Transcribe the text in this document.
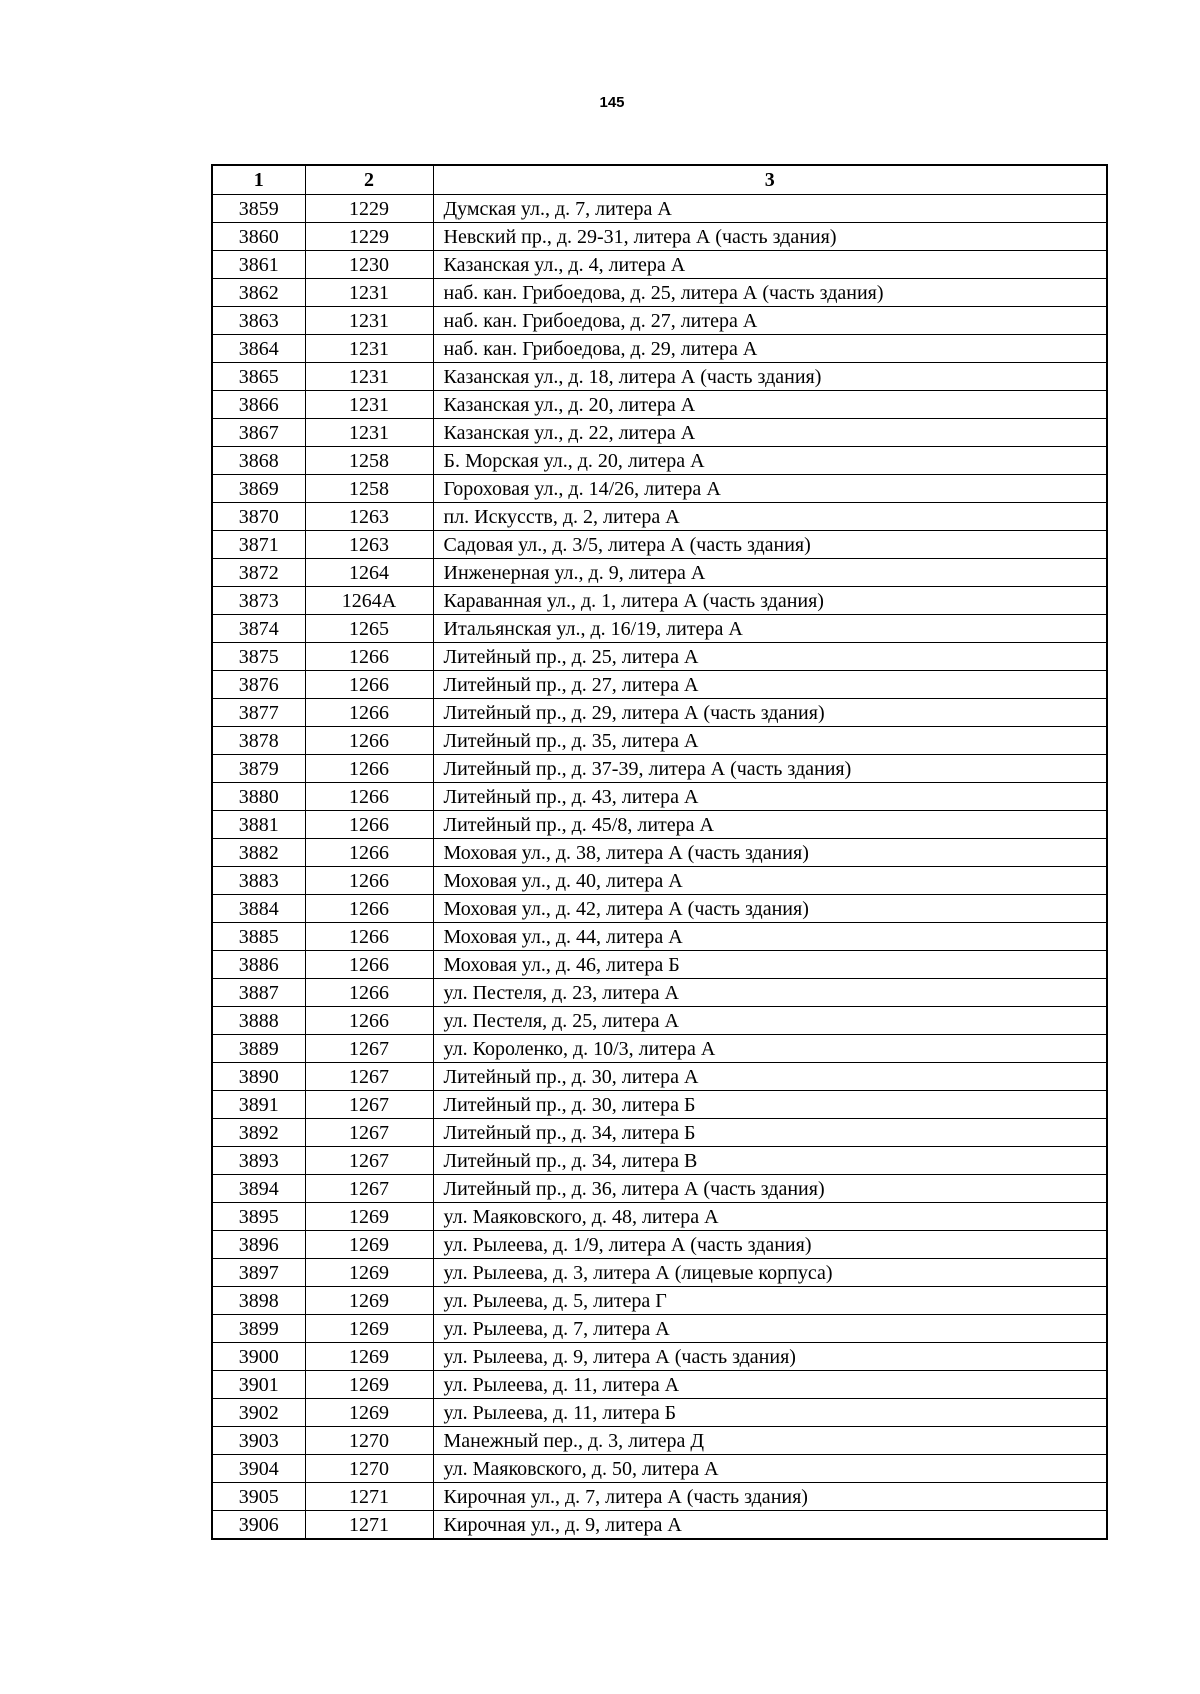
145
1	2	3
3859	1229	Думская ул., д. 7, литера А
3860	1229	Невский пр., д. 29-31, литера А (часть здания)
3861	1230	Казанская ул., д. 4, литера А
3862	1231	наб. кан. Грибоедова, д. 25, литера А (часть здания)
3863	1231	наб. кан. Грибоедова, д. 27, литера А
3864	1231	наб. кан. Грибоедова, д. 29, литера А
3865	1231	Казанская ул., д. 18, литера А (часть здания)
3866	1231	Казанская ул., д. 20, литера А
3867	1231	Казанская ул., д. 22, литера А
3868	1258	Б. Морская ул., д. 20, литера А
3869	1258	Гороховая ул., д. 14/26, литера А
3870	1263	пл. Искусств, д. 2, литера А
3871	1263	Садовая ул., д. 3/5, литера А (часть здания)
3872	1264	Инженерная ул., д. 9, литера А
3873	1264А	Караванная ул., д. 1, литера А (часть здания)
3874	1265	Итальянская ул., д. 16/19, литера А
3875	1266	Литейный пр., д. 25, литера А
3876	1266	Литейный пр., д. 27, литера А
3877	1266	Литейный пр., д. 29, литера А (часть здания)
3878	1266	Литейный пр., д. 35, литера А
3879	1266	Литейный пр., д. 37-39, литера А (часть здания)
3880	1266	Литейный пр., д. 43, литера А
3881	1266	Литейный пр., д. 45/8, литера А
3882	1266	Моховая ул., д. 38, литера А (часть здания)
3883	1266	Моховая ул., д. 40, литера А
3884	1266	Моховая ул., д. 42, литера А (часть здания)
3885	1266	Моховая ул., д. 44, литера А
3886	1266	Моховая ул., д. 46, литера Б
3887	1266	ул. Пестеля, д. 23, литера А
3888	1266	ул. Пестеля, д. 25, литера А
3889	1267	ул. Короленко, д. 10/3, литера А
3890	1267	Литейный пр., д. 30, литера А
3891	1267	Литейный пр., д. 30, литера Б
3892	1267	Литейный пр., д. 34, литера Б
3893	1267	Литейный пр., д. 34, литера В
3894	1267	Литейный пр., д. 36, литера А (часть здания)
3895	1269	ул. Маяковского, д. 48, литера А
3896	1269	ул. Рылеева, д. 1/9, литера А (часть здания)
3897	1269	ул. Рылеева, д. 3, литера А (лицевые корпуса)
3898	1269	ул. Рылеева, д. 5, литера Г
3899	1269	ул. Рылеева, д. 7, литера А
3900	1269	ул. Рылеева, д. 9, литера А (часть здания)
3901	1269	ул. Рылеева, д. 11, литера А
3902	1269	ул. Рылеева, д. 11, литера Б
3903	1270	Манежный пер., д. 3, литера Д
3904	1270	ул. Маяковского, д. 50, литера А
3905	1271	Кирочная ул., д. 7, литера А (часть здания)
3906	1271	Кирочная ул., д. 9, литера А
